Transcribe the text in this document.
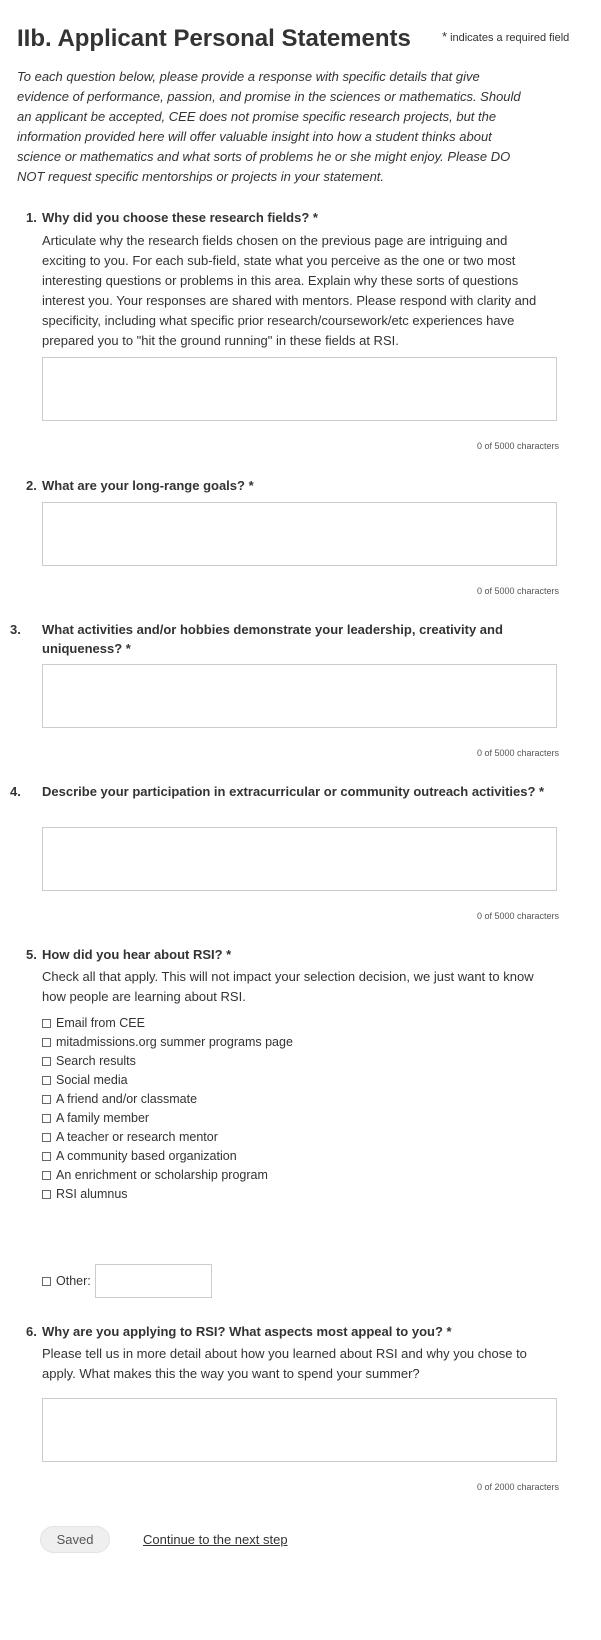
IIb. Applicant Personal Statements * indicates a required field
To each question below, please provide a response with specific details that give evidence of performance, passion, and promise in the sciences or mathematics. Should an applicant be accepted, CEE does not promise specific research projects, but the information provided here will offer valuable insight into how a student thinks about science or mathematics and what sorts of problems he or she might enjoy. Please DO NOT request specific mentorships or projects in your statement.
1. Why did you choose these research fields? *
Articulate why the research fields chosen on the previous page are intriguing and exciting to you. For each sub-field, state what you perceive as the one or two most interesting questions or problems in this area. Explain why these sorts of questions interest you. Your responses are shared with mentors. Please respond with clarity and specificity, including what specific prior research/coursework/etc experiences have prepared you to "hit the ground running" in these fields at RSI.
0 of 5000 characters
2. What are your long-range goals? *
0 of 5000 characters
3. What activities and/or hobbies demonstrate your leadership, creativity and uniqueness? *
0 of 5000 characters
4. Describe your participation in extracurricular or community outreach activities? *
0 of 5000 characters
5. How did you hear about RSI? *
Check all that apply. This will not impact your selection decision, we just want to know how people are learning about RSI.
Email from CEE
mitadmissions.org summer programs page
Search results
Social media
A friend and/or classmate
A family member
A teacher or research mentor
A community based organization
An enrichment or scholarship program
RSI alumnus
Other:
6. Why are you applying to RSI? What aspects most appeal to you? *
Please tell us in more detail about how you learned about RSI and why you chose to apply. What makes this the way you want to spend your summer?
0 of 2000 characters
Saved	Continue to the next step
